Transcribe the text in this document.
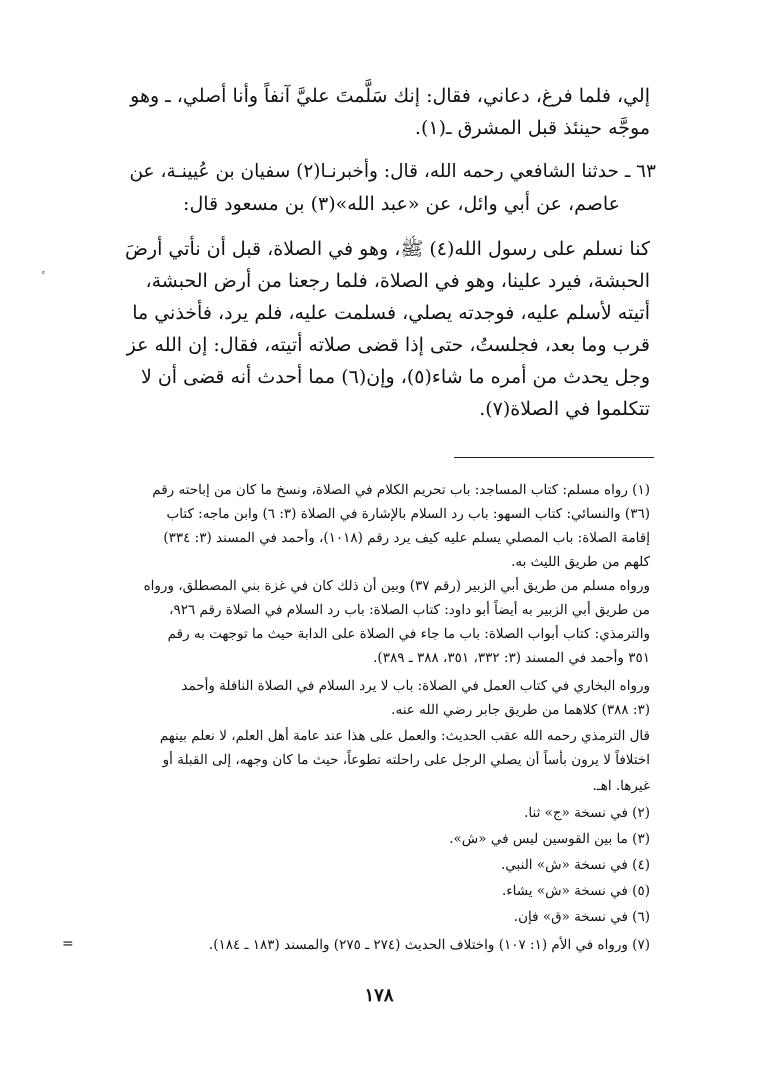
إلي، فلما فرغ، دعاني، فقال: إنك سَلَّمتَ عليَّ آنفاً وأنا أصلي، ـ وهو
موجَّه حينئذ قبل المشرق ـ(١).
٦٣ ـ حدثنا الشافعي رحمه الله، قال: وأخبرنـا(٢) سفيان بن عُيينـة، عن
عاصم، عن أبي وائل، عن «عبد الله»(٣) بن مسعود قال:
كنا نسلم على رسول الله(٤) ﷺ، وهو في الصلاة، قبل أن نأتي أرضَ
الحبشة، فيرد علينا، وهو في الصلاة، فلما رجعنا من أرض الحبشة،
أتيته لأسلم عليه، فوجدته يصلي، فسلمت عليه، فلم يرد، فأخذني ما
قرب وما بعد، فجلستُ، حتى إذا قضى صلاته أتيته، فقال: إن الله عز
وجل يحدث من أمره ما شاء(٥)، وإن(٦) مما أحدث أنه قضى أن لا
تتكلموا في الصلاة(٧).
(١) رواه مسلم: كتاب المساجد: باب تحريم الكلام في الصلاة، ونسخ ما كان من إباحته رقم
(٣٦) والنسائي: كتاب السهو: باب رد السلام بالإشارة في الصلاة (٣: ٦) وابن ماجه: كتاب
إقامة الصلاة: باب المصلي يسلم عليه كيف يرد رقم (١٠١٨)، وأحمد في المسند (٣: ٣٣٤)
كلهم من طريق الليث به.
ورواه مسلم من طريق أبي الزبير (رقم ٣٧) وبين أن ذلك كان في غزة بني المصطلق، ورواه
من طريق أبي الزبير به أيضاً أبو داود: كتاب الصلاة: باب رد السلام في الصلاة رقم ٩٢٦،
والترمذي: كتاب أبواب الصلاة: باب ما جاء في الصلاة على الدابة حيث ما توجهت به رقم
٣٥١ وأحمد في المسند (٣: ٣٣٢، ٣٥١، ٣٨٨ ـ ٣٨٩).
ورواه البخاري في كتاب العمل في الصلاة: باب لا يرد السلام في الصلاة النافلة وأحمد
(٣: ٣٨٨) كلاهما من طريق جابر رضي الله عنه.
قال الترمذي رحمه الله عقب الحديث: والعمل على هذا عند عامة أهل العلم، لا نعلم بينهم
اختلافاً لا يرون بأساً أن يصلي الرجل على راحلته تطوعاً، حيث ما كان وجهه، إلى القبلة أو
غيرها. اهـ.
(٢) في نسخة «ج» ثنا.
(٣) ما بين القوسين ليس في «ش».
(٤) في نسخة «ش» النبي.
(٥) في نسخة «ش» يشاء.
(٦) في نسخة «ق» فإن.
(٧) ورواه في الأم (١: ١٠٧) واختلاف الحديث (٢٧٤ ـ ٢٧٥) والمسند (١٨٣ ـ ١٨٤).
=
١٧٨
